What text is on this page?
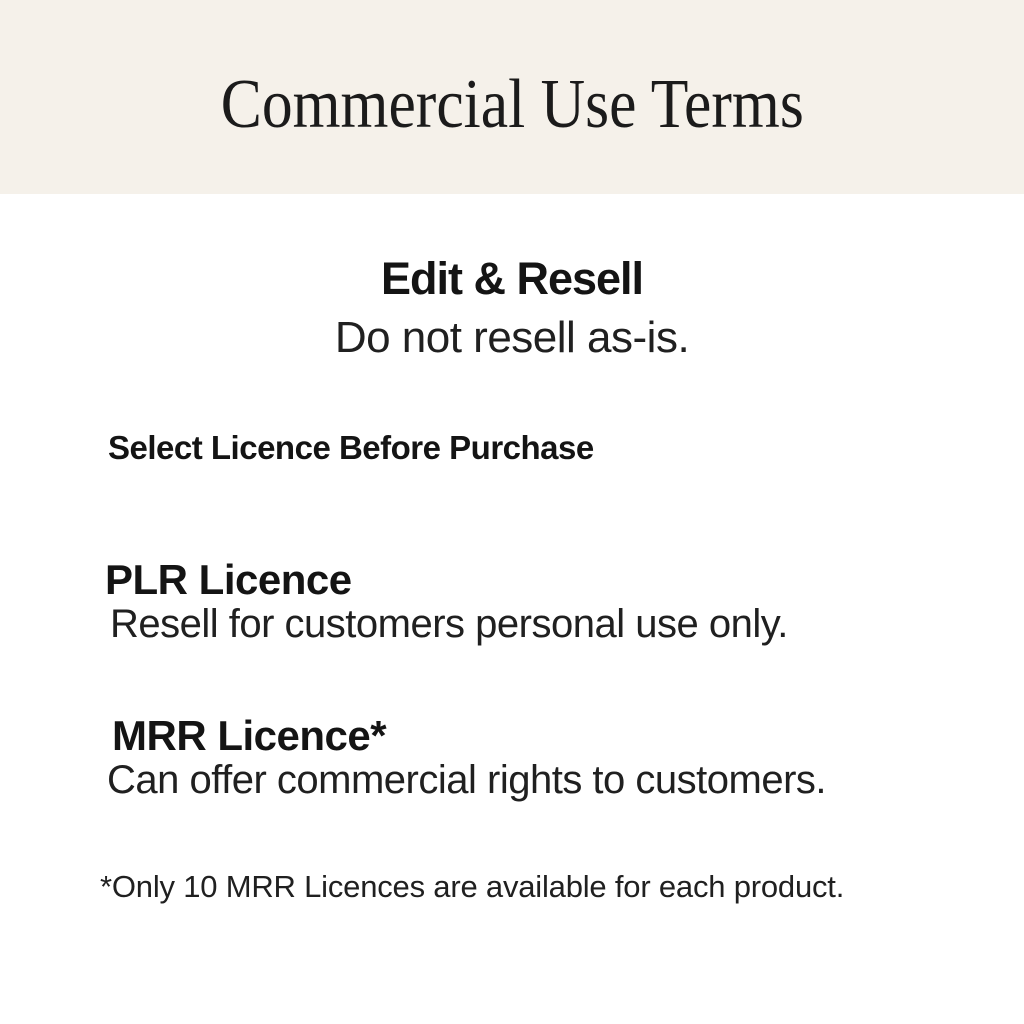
Commercial Use Terms
Edit & Resell
Do not resell as-is.
Select Licence Before Purchase
PLR Licence
Resell for customers personal use only.
MRR Licence*
Can offer commercial rights to customers.
*Only 10 MRR Licences are available for each product.
